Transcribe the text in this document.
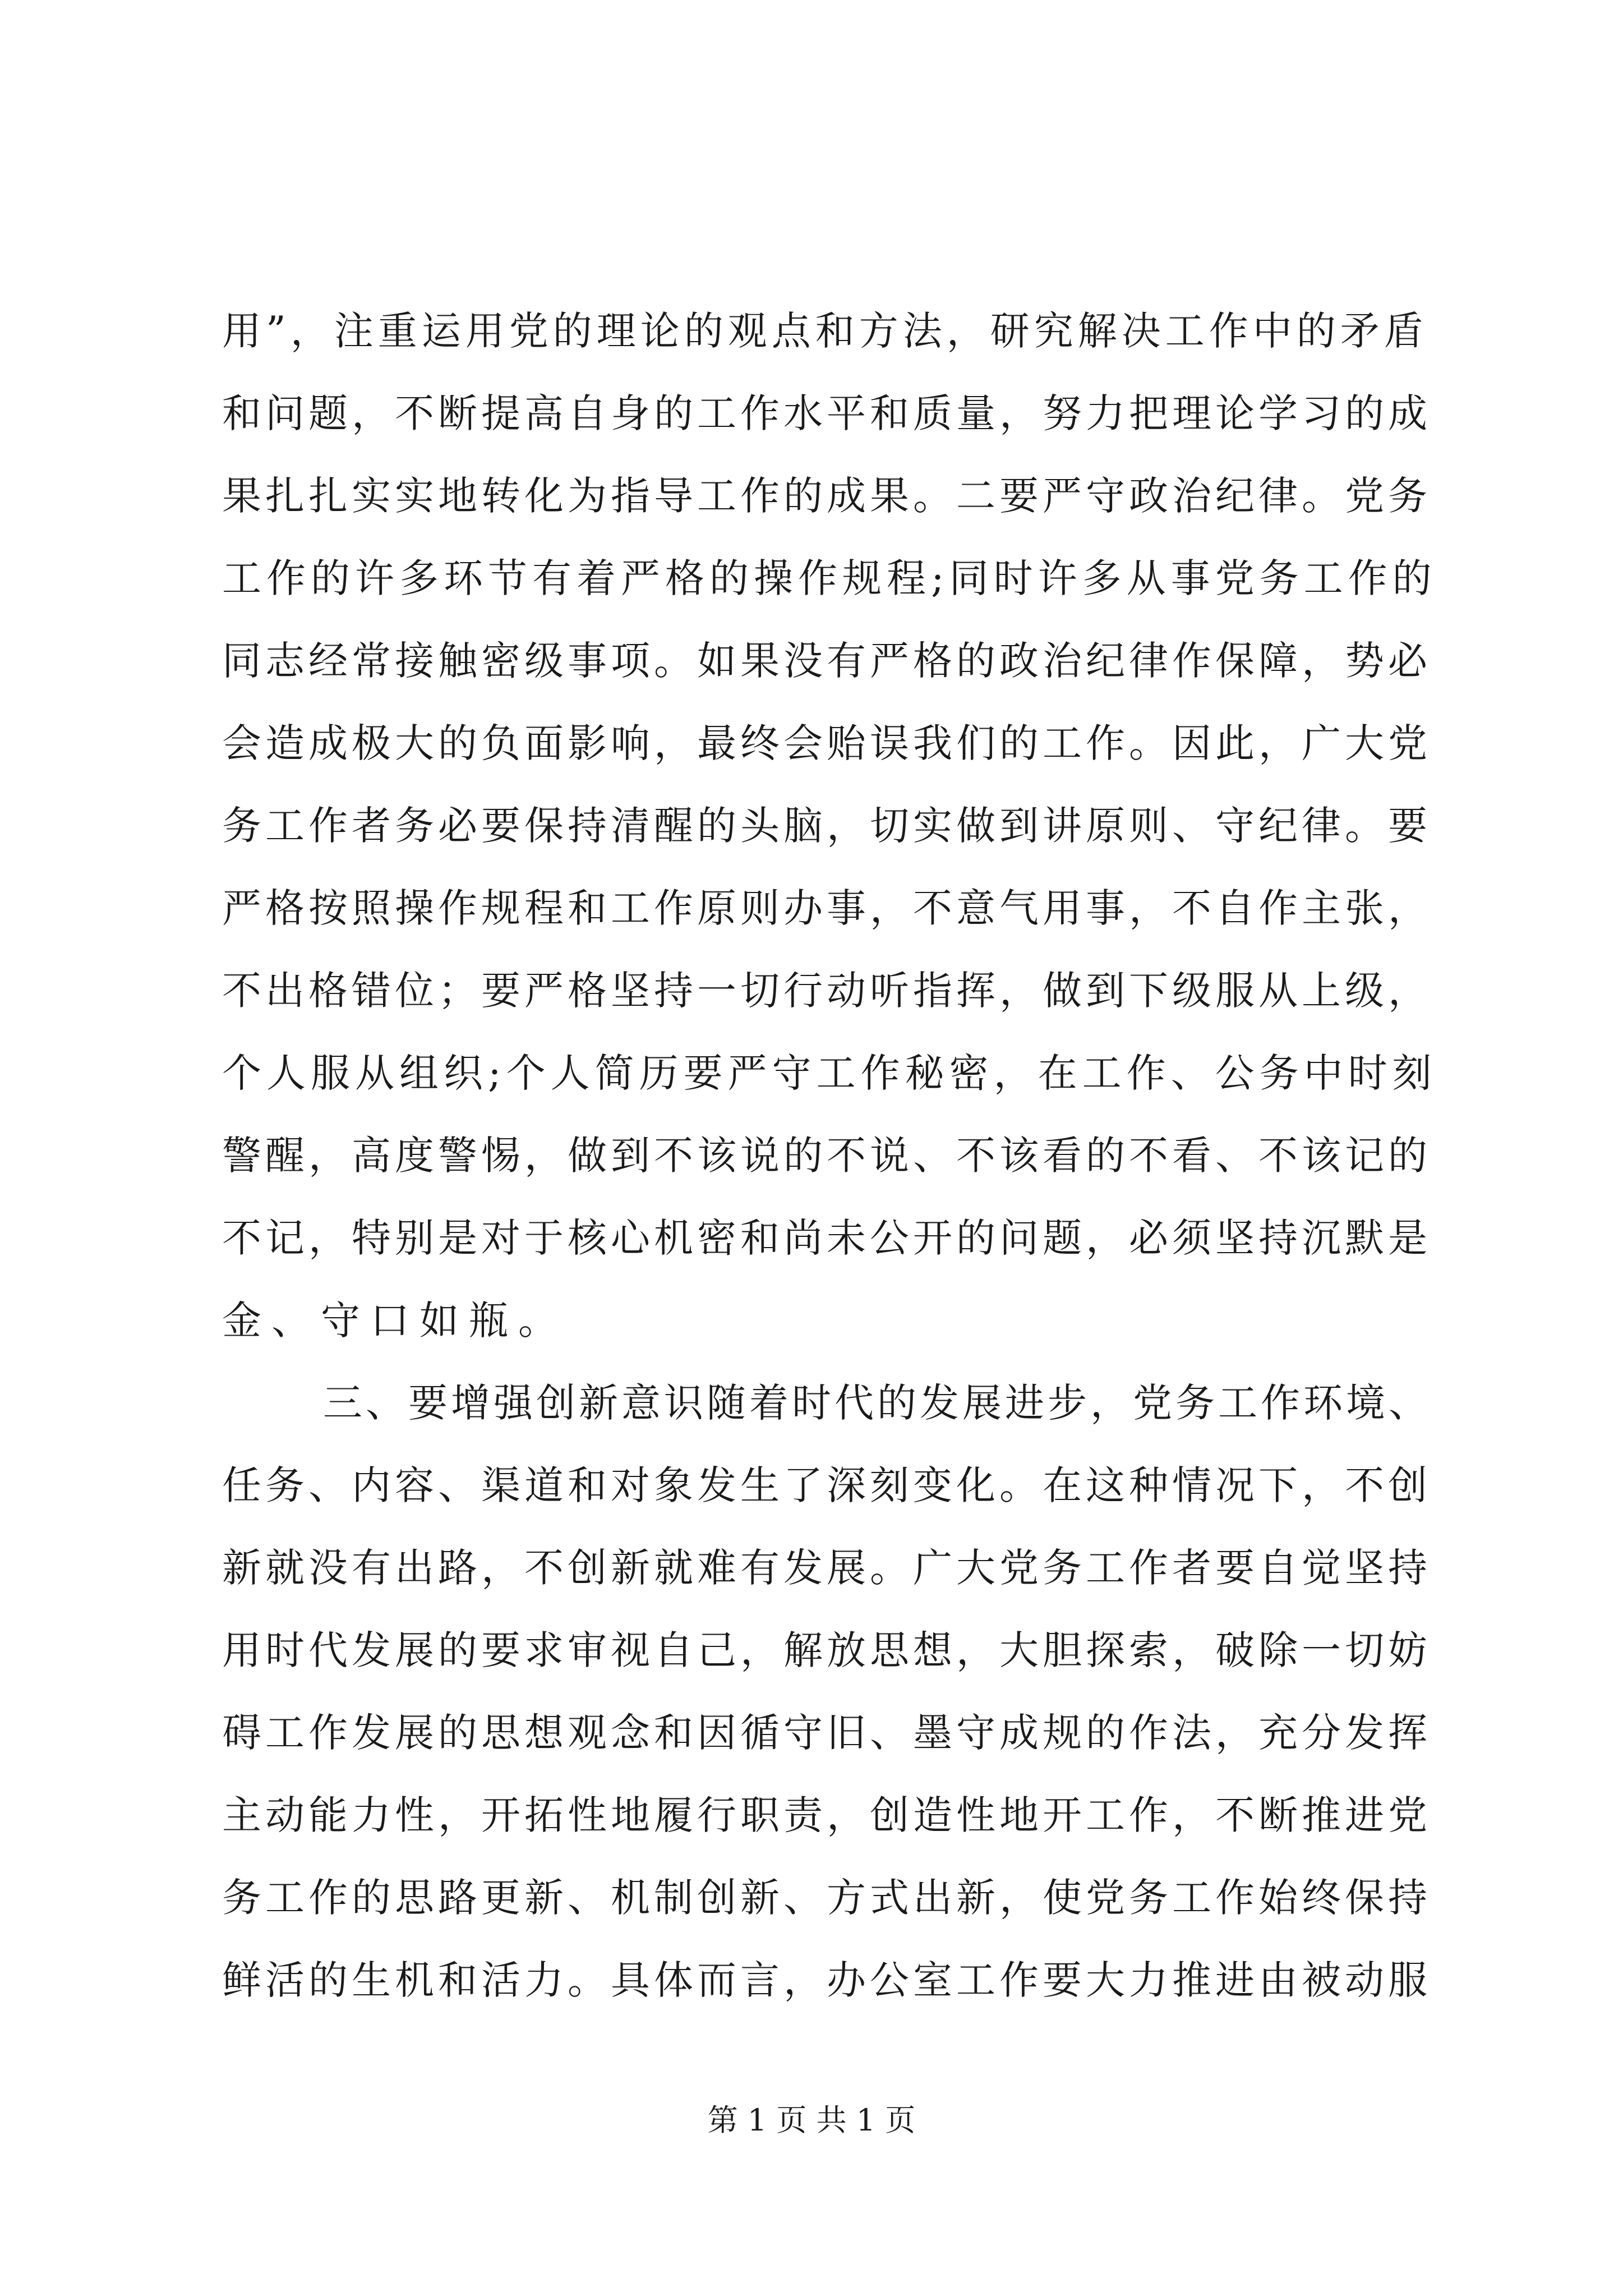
用”，注重运用党的理论的观点和方法，研究解决工作中的矛盾
和问题，不断提高自身的工作水平和质量，努力把理论学习的成
果扎扎实实地转化为指导工作的成果。二要严守政治纪律。党务
工作的许多环节有着严格的操作规程;同时许多从事党务工作的
同志经常接触密级事项。如果没有严格的政治纪律作保障，势必
会造成极大的负面影响，最终会贻误我们的工作。因此，广大党
务工作者务必要保持清醒的头脑，切实做到讲原则、守纪律。要
严格按照操作规程和工作原则办事，不意气用事，不自作主张，
不出格错位；要严格坚持一切行动听指挥，做到下级服从上级，
个人服从组织;个人简历要严守工作秘密，在工作、公务中时刻
警醒，高度警惕，做到不该说的不说、不该看的不看、不该记的
不记，特别是对于核心机密和尚未公开的问题，必须坚持沉默是
金、守口如瓶。
三、要增强创新意识随着时代的发展进步，党务工作环境、
任务、内容、渠道和对象发生了深刻变化。在这种情况下，不创
新就没有出路，不创新就难有发展。广大党务工作者要自觉坚持
用时代发展的要求审视自己，解放思想，大胆探索，破除一切妨
碍工作发展的思想观念和因循守旧、墨守成规的作法，充分发挥
主动能力性，开拓性地履行职责，创造性地开工作，不断推进党
务工作的思路更新、机制创新、方式出新，使党务工作始终保持
鲜活的生机和活力。具体而言，办公室工作要大力推进由被动服
第 1 页 共 1 页
